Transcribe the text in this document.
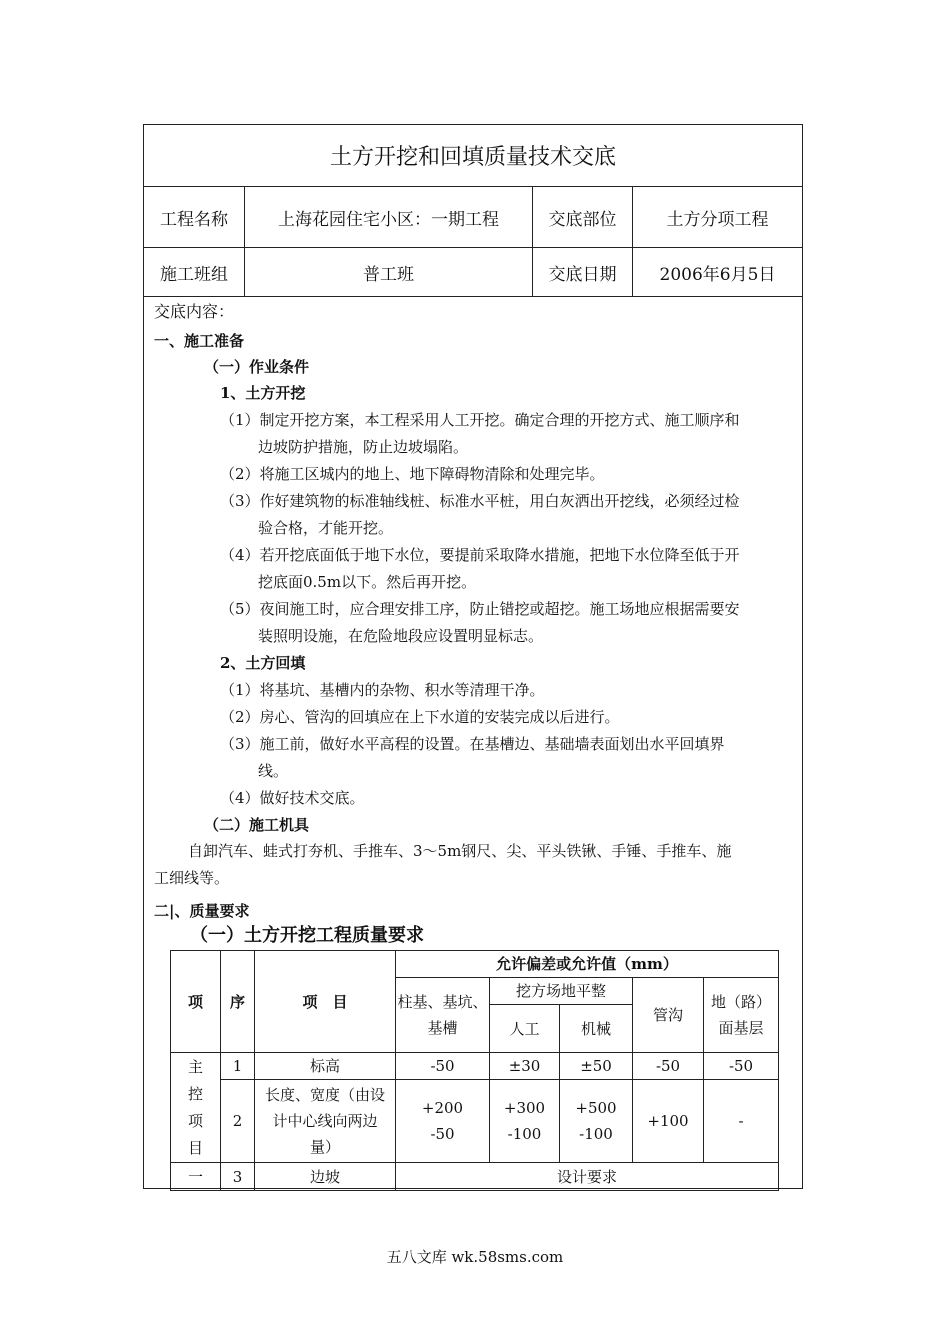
土方开挖和回填质量技术交底
工程名称	上海花园住宅小区：一期工程	交底部位	土方分项工程
施工班组	普工班	交底日期	2006年6月5日
交底内容：
一、施工准备
（一）作业条件
1、土方开挖
（1）制定开挖方案，本工程采用人工开挖。确定合理的开挖方式、施工顺序和
边坡防护措施，防止边坡塌陷。
（2）将施工区城内的地上、地下障碍物清除和处理完毕。
（3）作好建筑物的标准轴线桩、标准水平桩，用白灰洒出开挖线，必须经过检
验合格，才能开挖。
（4）若开挖底面低于地下水位，要提前采取降水措施，把地下水位降至低于开
挖底面0.5m以下。然后再开挖。
（5）夜间施工时，应合理安排工序，防止错挖或超挖。施工场地应根据需要安
装照明设施，在危险地段应设置明显标志。
2、土方回填
（1）将基坑、基槽内的杂物、积水等清理干净。
（2）房心、管沟的回填应在上下水道的安装完成以后进行。
（3）施工前，做好水平高程的设置。在基槽边、基础墙表面划出水平回填界
线。
（4）做好技术交底。
（二）施工机具
自卸汽车、蛙式打夯机、手推车、3～5m钢尺、尖、平头铁锹、手锤、手推车、施
工细线等。
二|、质量要求
（一）土方开挖工程质量要求
项	序	项　目	允许偏差或允许值（mm）				
			柱基、基坑、基槽	挖方场地平整		管沟	地（路）面基层
				人工	机械		
主控项目	1	标高	-50	±30	±50	-50	-50
	2	长度、宽度（由设计中心线向两边量）	+200
-50	+300
-100	+500
-100	+100	-
一	3	边坡	设计要求				
五八文库 wk.58sms.com
